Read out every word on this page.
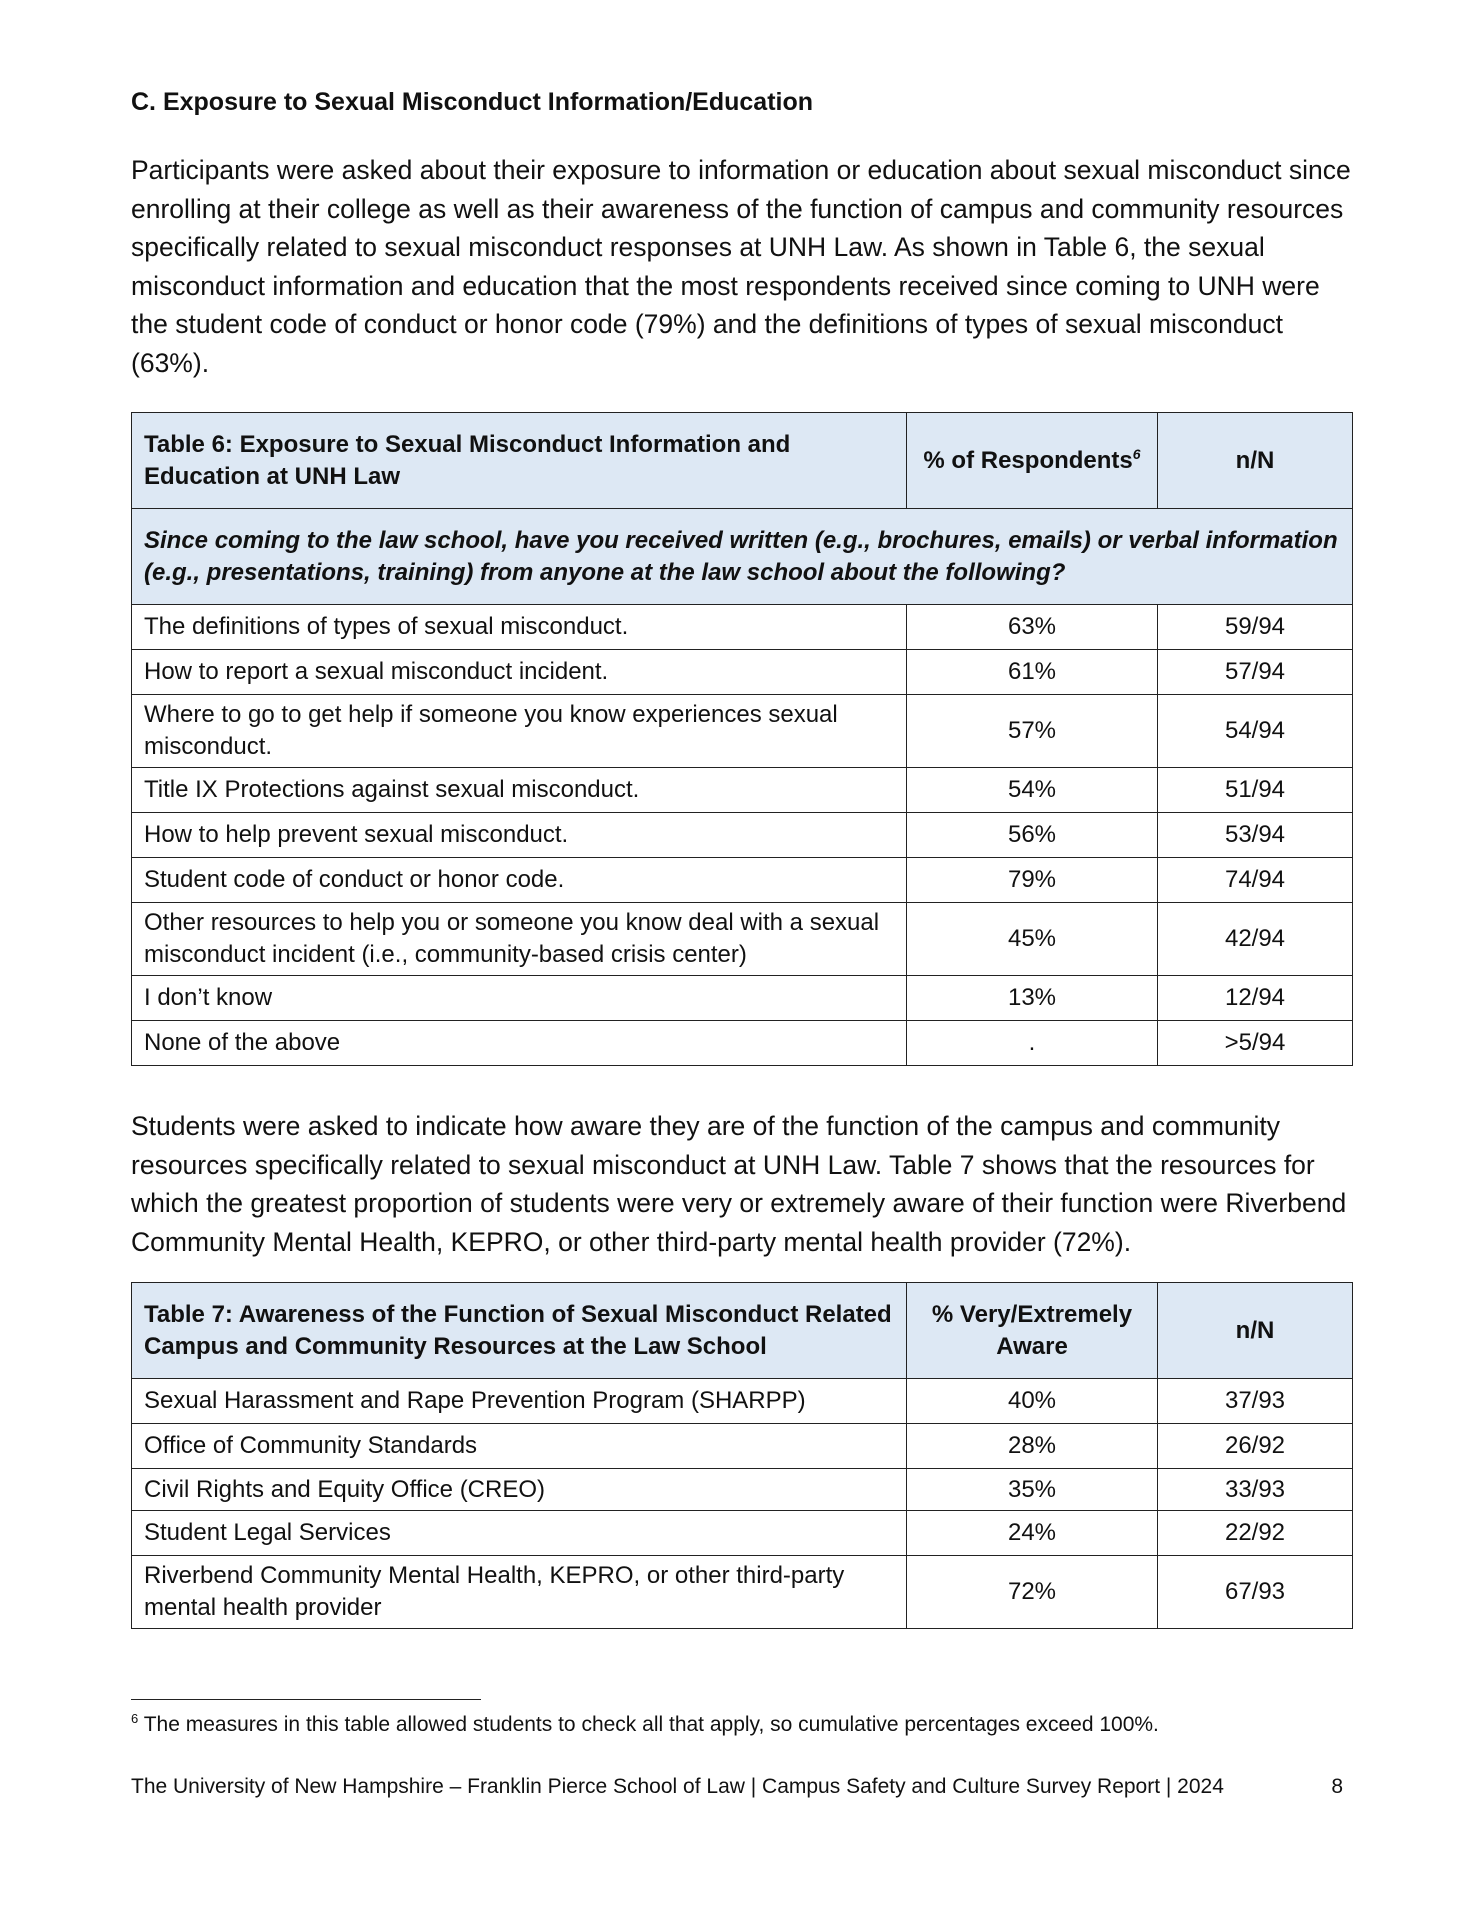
C. Exposure to Sexual Misconduct Information/Education

Participants were asked about their exposure to information or education about sexual misconduct since enrolling at their college as well as their awareness of the function of campus and community resources specifically related to sexual misconduct responses at UNH Law. As shown in Table 6, the sexual misconduct information and education that the most respondents received since coming to UNH were the student code of conduct or honor code (79%) and the definitions of types of sexual misconduct (63%).

Table 6: Exposure to Sexual Misconduct Information and Education at UNH Law	% of Respondents$^6$	n/N
Since coming to the law school, have you received written (e.g., brochures, emails) or verbal information (e.g., presentations, training) from anyone at the law school about the following?		
The definitions of types of sexual misconduct.	63%	59/94
How to report a sexual misconduct incident.	61%	57/94
Where to go to get help if someone you know experiences sexual misconduct.	57%	54/94
Title IX Protections against sexual misconduct.	54%	51/94
How to help prevent sexual misconduct.	56%	53/94
Student code of conduct or honor code.	79%	74/94
Other resources to help you or someone you know deal with a sexual misconduct incident (i.e., community-based crisis center)	45%	42/94
I don’t know	13%	12/94
None of the above	.	>5/94

Students were asked to indicate how aware they are of the function of the campus and community resources specifically related to sexual misconduct at UNH Law. Table 7 shows that the resources for which the greatest proportion of students were very or extremely aware of their function were Riverbend Community Mental Health, KEPRO, or other third-party mental health provider (72%).

Table 7: Awareness of the Function of Sexual Misconduct Related Campus and Community Resources at the Law School	% Very/Extremely Aware	n/N
Sexual Harassment and Rape Prevention Program (SHARPP)	40%	37/93
Office of Community Standards	28%	26/92
Civil Rights and Equity Office (CREO)	35%	33/93
Student Legal Services	24%	22/92
Riverbend Community Mental Health, KEPRO, or other third-party mental health provider	72%	67/93

$^6$ The measures in this table allowed students to check all that apply, so cumulative percentages exceed 100%.

The University of New Hampshire – Franklin Pierce School of Law | Campus Safety and Culture Survey Report | 2024	8
